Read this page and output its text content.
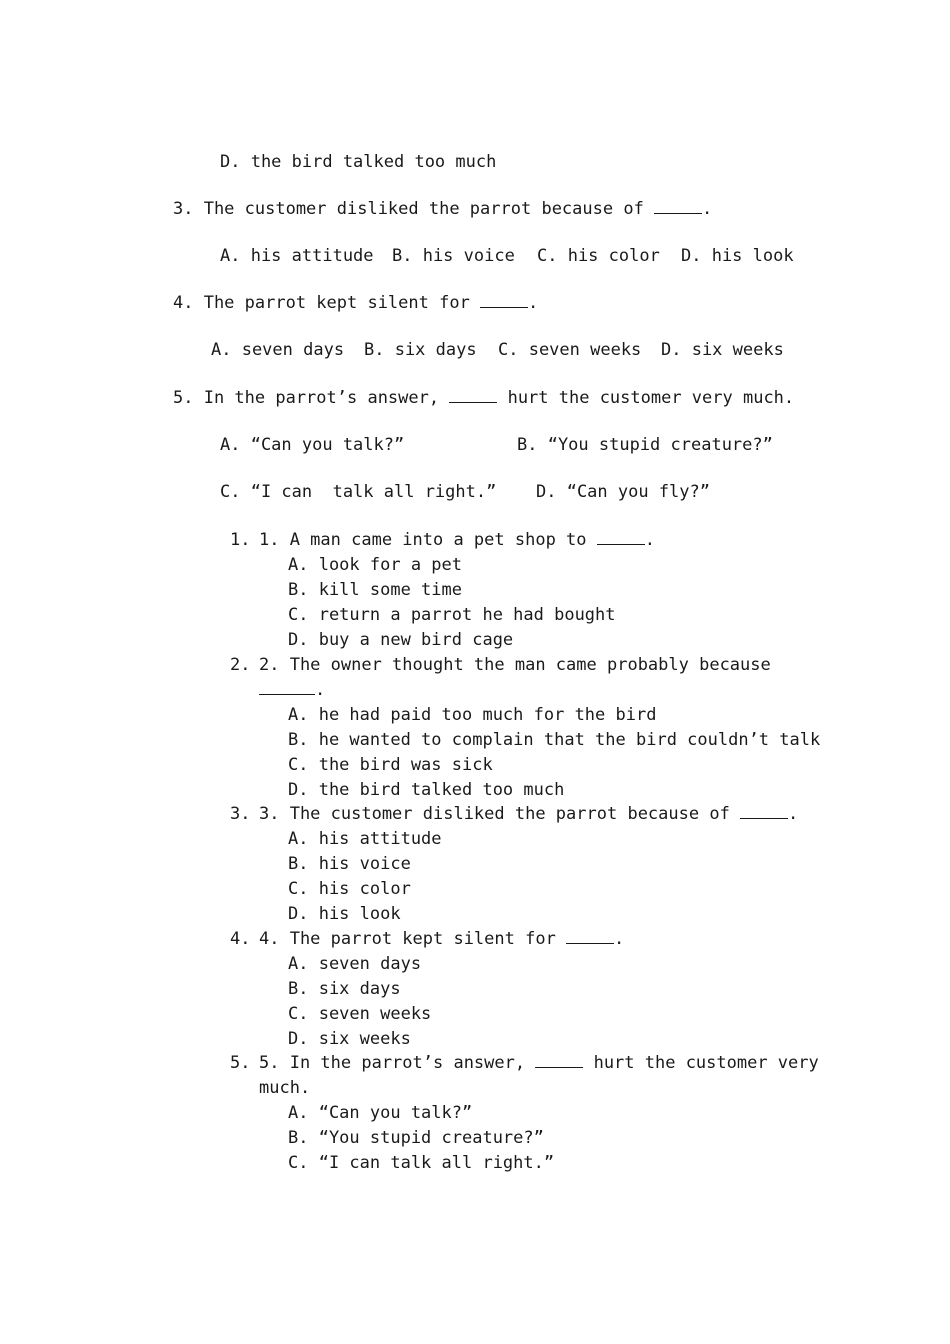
D. the bird talked too much
3. The customer disliked the parrot because of	.
A. his attitude B. his voice C. his color D. his look
4. The parrot kept silent for	.
A. seven days B. six days C. seven weeks D. six weeks
5. In the parrot’s answer,	hurt the customer very much.
A. “Can you talk?”	B. “You stupid creature?”
C. “I can  talk all right.” D. “Can you fly?”
1. 1. A man came into a pet shop to	.
A. look for a pet
B. kill some time
C. return a parrot he had bought
D. buy a new bird cage
2. 2. The owner thought the man came probably because
.
A. he had paid too much for the bird
B. he wanted to complain that the bird couldn’t talk
C. the bird was sick
D. the bird talked too much
3. 3. The customer disliked the parrot because of	.
A. his attitude
B. his voice
C. his color
D. his look
4. 4. The parrot kept silent for	.
A. seven days
B. six days
C. seven weeks
D. six weeks
5. 5. In the parrot’s answer,	hurt the customer very
much.
A. “Can you talk?”
B. “You stupid creature?”
C. “I can talk all right.”
